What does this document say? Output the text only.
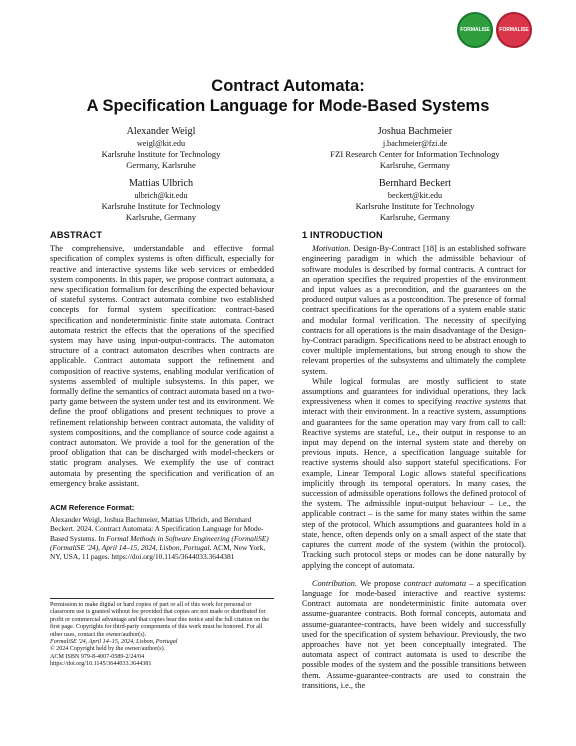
FORMALISE FORMALISE
Contract Automata:
A Specification Language for Mode-Based Systems
Alexander Weigl
weigl@kit.edu
Karlsruhe Institute for Technology
Germany, Karlsruhe
Joshua Bachmeier
j.bachmeier@fzi.de
FZI Research Center for Information Technology
Karlsruhe, Germany
Mattias Ulbrich
ulbrich@kit.edu
Karlsruhe Institute for Technology
Karlsruhe, Germany
Bernhard Beckert
beckert@kit.edu
Karlsruhe Institute for Technology
Karlsruhe, Germany
ABSTRACT

The comprehensive, understandable and effective formal specification of complex systems is often difficult, especially for reactive and interactive systems like web services or embedded system components. In this paper, we propose contract automata, a new specification formalism for describing the expected behaviour of stateful systems. Contract automata combine two established concepts for formal system specification: contract-based specification and nondeterministic finite state automata. Contract automata restrict the effects that the operations of the specified system may have using input-output-contracts. The automaton structure of a contract automaton describes when contracts are applicable. Contract automata support the refinement and composition of reactive systems, enabling modular verification of systems assembled of multiple subsystems. In this paper, we formally define the semantics of contract automata based on a two-party game between the system under test and its environment. We define the proof obligations and present techniques to prove a refinement relationship between contract automata, the validity of system compositions, and the compliance of source code against a contract automaton. We provide a tool for the generation of the proof obligation that can be discharged with model-checkers or static program analyses. We exemplify the use of contract automata by presenting the specification and verification of an emergency brake assistant.

ACM Reference Format:
Alexander Weigl, Joshua Bachmeier, Mattias Ulbrich, and Bernhard Beckert. 2024. Contract Automata: A Specification Language for Mode-Based Systems. In Formal Methods in Software Engineering (FormaliSE) (FormaliSE '24), April 14–15, 2024, Lisbon, Portugal. ACM, New York, NY, USA, 11 pages. https://doi.org/10.1145/3644033.3644381
Permission to make digital or hard copies of part or all of this work for personal or classroom use is granted without fee provided that copies are not made or distributed for profit or commercial advantage and that copies bear this notice and the full citation on the first page. Copyrights for third-party components of this work must be honored. For all other uses, contact the owner/author(s).
FormaliSE '24, April 14–15, 2024, Lisbon, Portugal
© 2024 Copyright held by the owner/author(s).
ACM ISBN 979-8-4007-0589-2/24/04
https://doi.org/10.1145/3644033.3644381
1 INTRODUCTION

Motivation. Design-By-Contract [18] is an established software engineering paradigm in which the admissible behaviour of software modules is described by formal contracts. A contract for an operation specifies the required properties of the environment and input values as a precondition, and the guarantees on the produced output values as a postcondition. The presence of formal contract specifications for the operations of a system enable static and modular formal verification. The necessity of specifying contracts for all operations is the main disadvantage of the Design-by-Contract paradigm. Specifications need to be abstract enough to cover multiple implementations, but strong enough to show the relevant properties of the subsystems and ultimately the complete system.

While logical formulas are mostly sufficient to state assumptions and guarantees for individual operations, they lack expressiveness when it comes to specifying reactive systems that interact with their environment. In a reactive system, assumptions and guarantees for the same operation may vary from call to call: Reactive systems are stateful, i.e., their output in response to an input may depend on the internal system state and thereby on previous inputs. Hence, a specification language suitable for reactive systems should also support stateful specifications. For example, Linear Temporal Logic allows stateful specifications implicitly through its temporal operators. In many cases, the succession of admissible operations follows the defined protocol of the system. The admissible input-output behaviour – i.e., the applicable contract – is the same for many states within the same step of the protocol. Which assumptions and guarantees hold in a state, hence, often depends only on a small aspect of the state that captures the current mode of the system (within the protocol). Tracking such protocol steps or modes can be done naturally by applying the concept of automata.

Contribution. We propose contract automata – a specification language for mode-based interactive and reactive systems: Contract automata are nondeterministic finite automata over assume-guarantee contracts. Both formal concepts, automata and assume-guarantee-contracts, have been widely and successfully used for the specification of system behaviour. Previously, the two approaches have not yet been conceptually integrated. The automata aspect of contract automata is used to describe the possible modes of the system and the possible transitions between them. Assume-guarantee-contracts are used to constrain the transitions, i.e., the
